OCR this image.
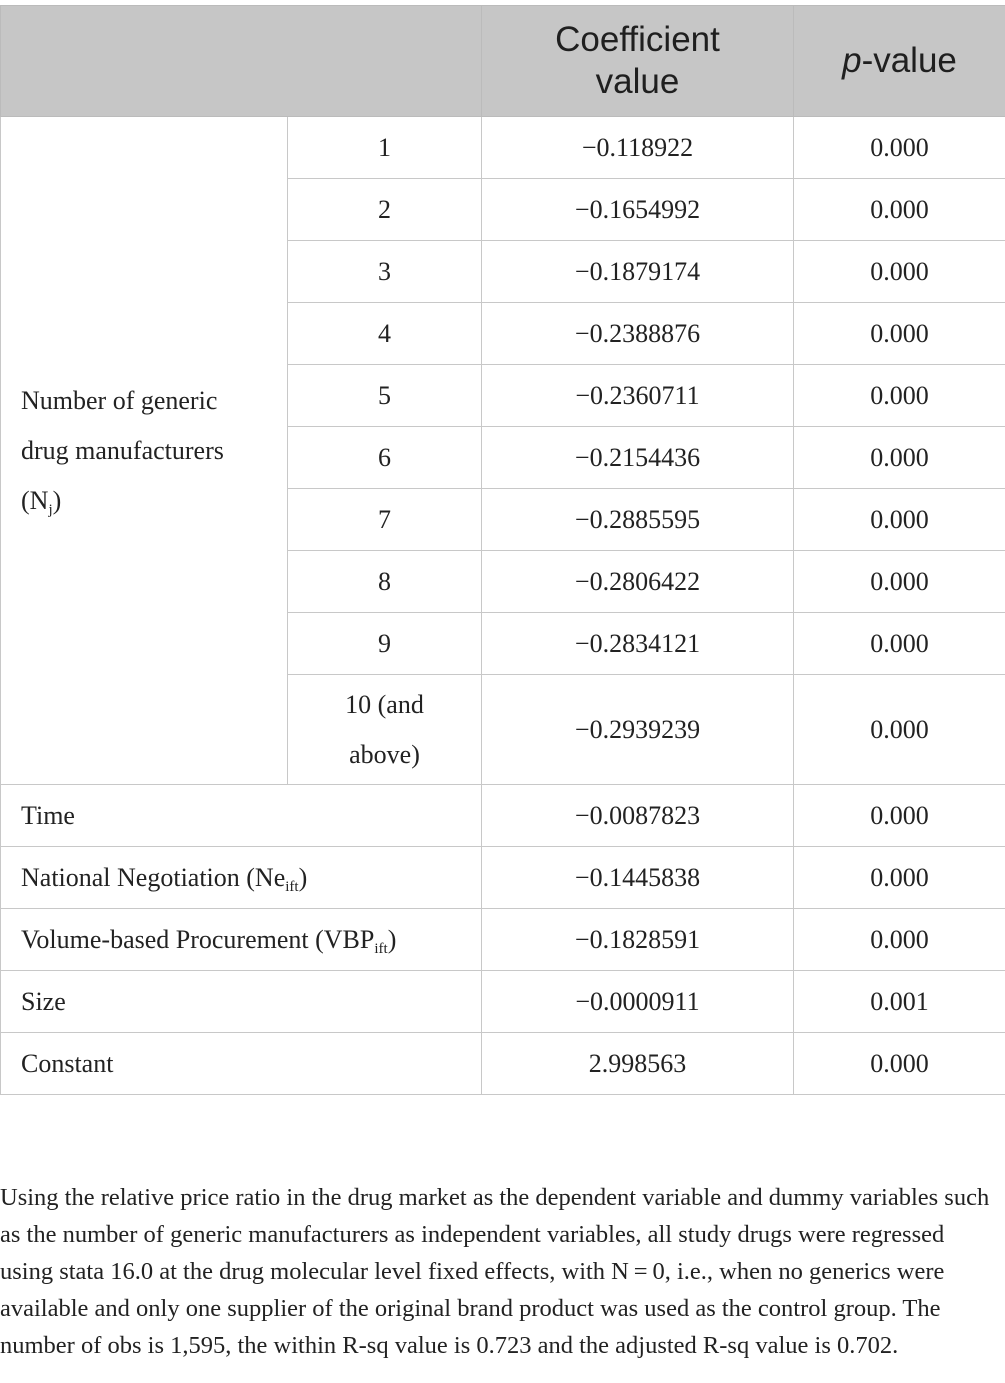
		Coefficient
value	p-value
Number of generic
drug manufacturers
$(N_j)$	1	−0.118922	0.000
	2	−0.1654992	0.000
	3	−0.1879174	0.000
	4	−0.2388876	0.000
	5	−0.2360711	0.000
	6	−0.2154436	0.000
	7	−0.2885595	0.000
	8	−0.2806422	0.000
	9	−0.2834121	0.000
	10 (and
above)	−0.2939239	0.000
Time		−0.0087823	0.000
National Negotiation $(Ne_{ift})$		−0.1445838	0.000
Volume-based Procurement $(VBP_{ift})$		−0.1828591	0.000
Size		−0.0000911	0.001
Constant		2.998563	0.000

Using the relative price ratio in the drug market as the dependent variable and dummy variables such as the number of generic manufacturers as independent variables, all study drugs were regressed using stata 16.0 at the drug molecular level fixed effects, with N = 0, i.e., when no generics were available and only one supplier of the original brand product was used as the control group. The number of obs is 1,595, the within R-sq value is 0.723 and the adjusted R-sq value is 0.702.
